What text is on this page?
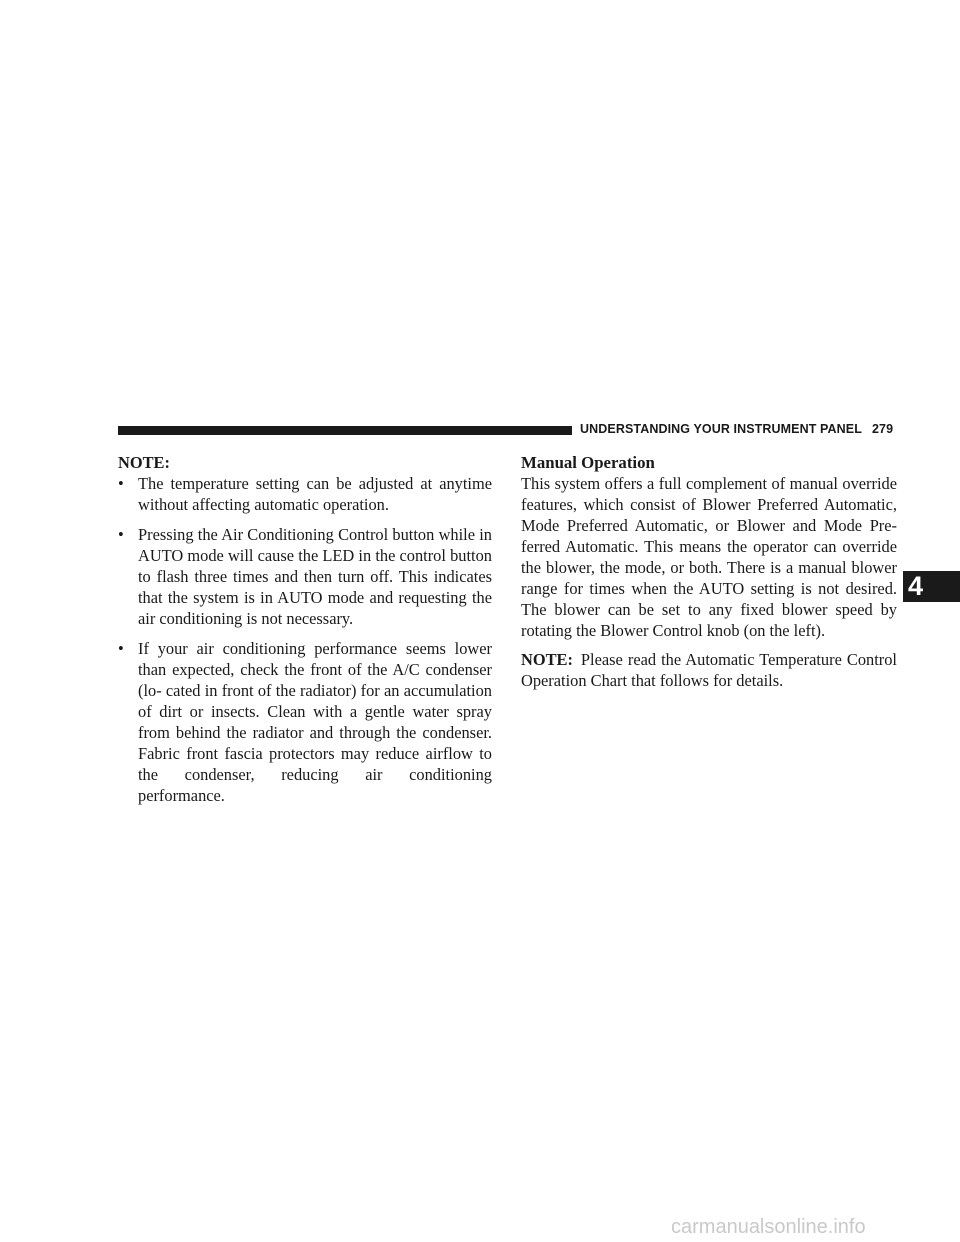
UNDERSTANDING YOUR INSTRUMENT PANEL 279
4

NOTE:

• The temperature setting can be adjusted at anytime without affecting automatic operation.
• Pressing the Air Conditioning Control button while in AUTO mode will cause the LED in the control button to flash three times and then turn off. This indicates that the system is in AUTO mode and requesting the air conditioning is not necessary.
• If your air conditioning performance seems lower than expected, check the front of the A/C condenser (lo- cated in front of the radiator) for an accumulation of dirt or insects. Clean with a gentle water spray from behind the radiator and through the condenser. Fabric front fascia protectors may reduce airflow to the condenser, reducing air conditioning performance.

Manual Operation

This system offers a full complement of manual override features, which consist of Blower Preferred Automatic, Mode Preferred Automatic, or Blower and Mode Pre- ferred Automatic. This means the operator can override the blower, the mode, or both. There is a manual blower range for times when the AUTO setting is not desired. The blower can be set to any fixed blower speed by rotating the Blower Control knob (on the left).

NOTE: Please read the Automatic Temperature Control Operation Chart that follows for details.

carmanualsonline.info
